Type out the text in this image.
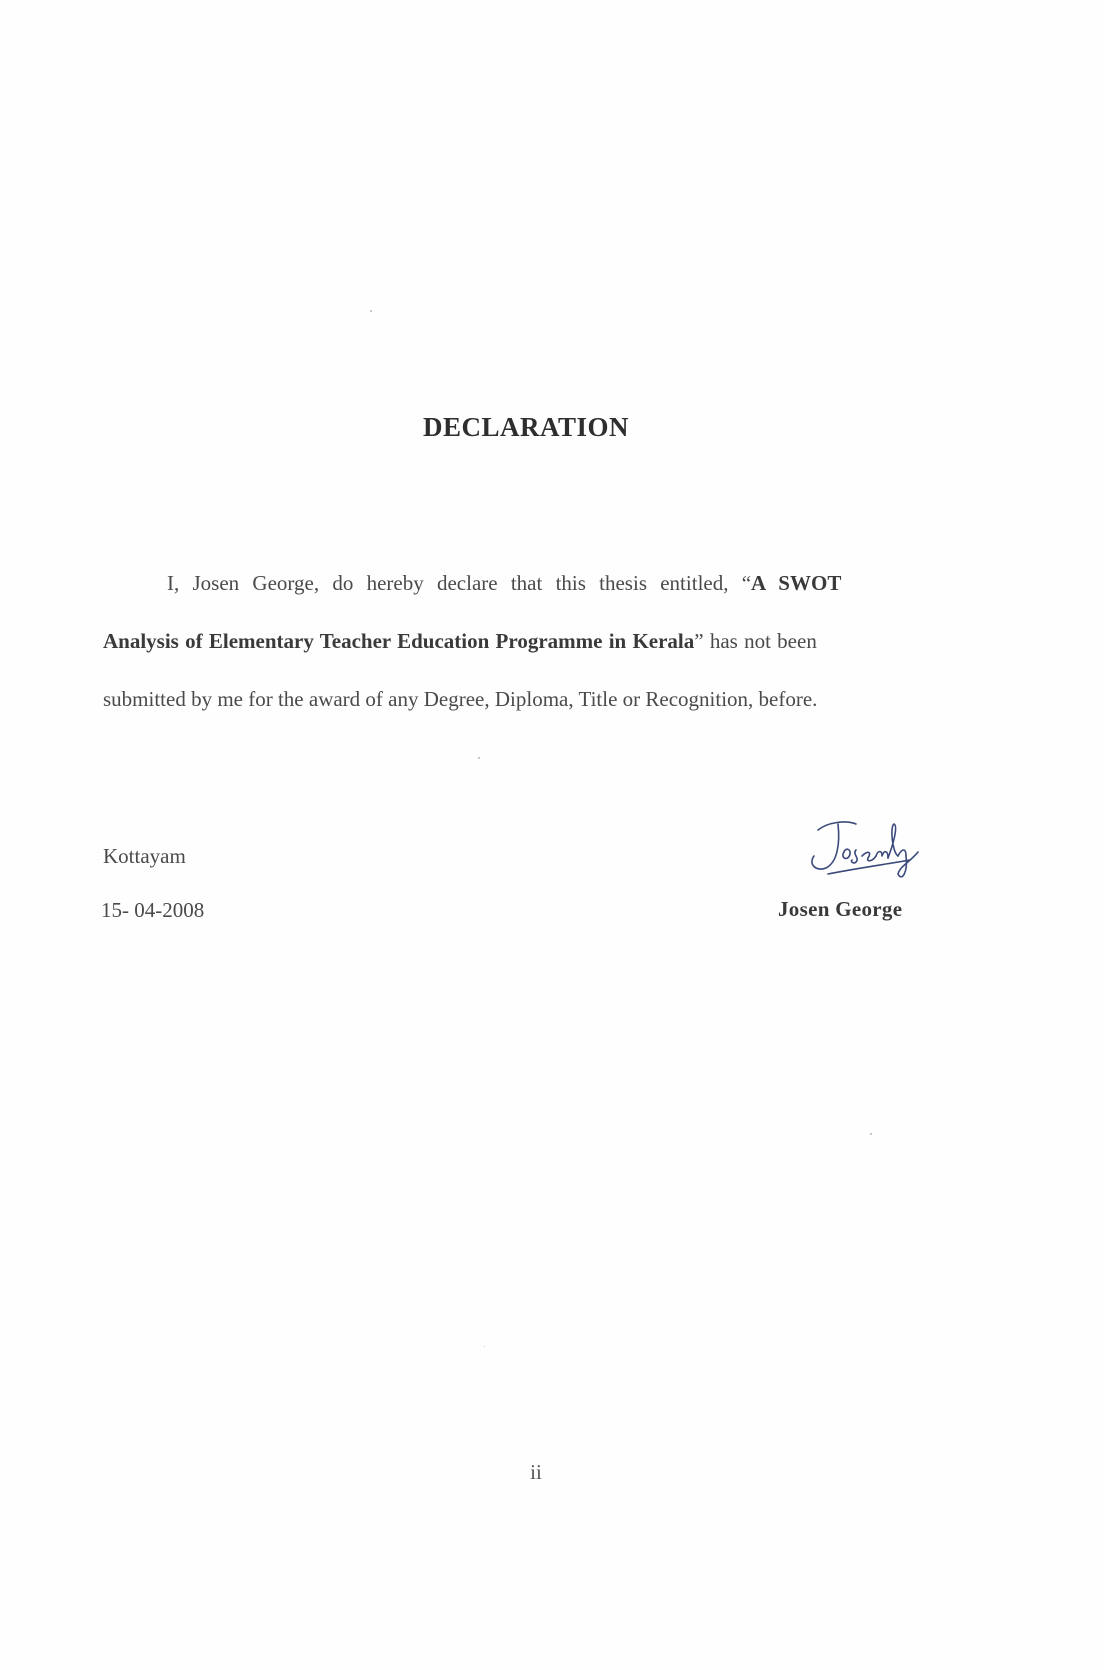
DECLARATION
I, Josen George, do hereby declare that this thesis entitled, “A SWOT
Analysis of Elementary Teacher Education Programme in Kerala” has not been
submitted by me for the award of any Degree, Diploma, Title or Recognition, before.
Kottayam
15- 04-2008	Josen George
ii
